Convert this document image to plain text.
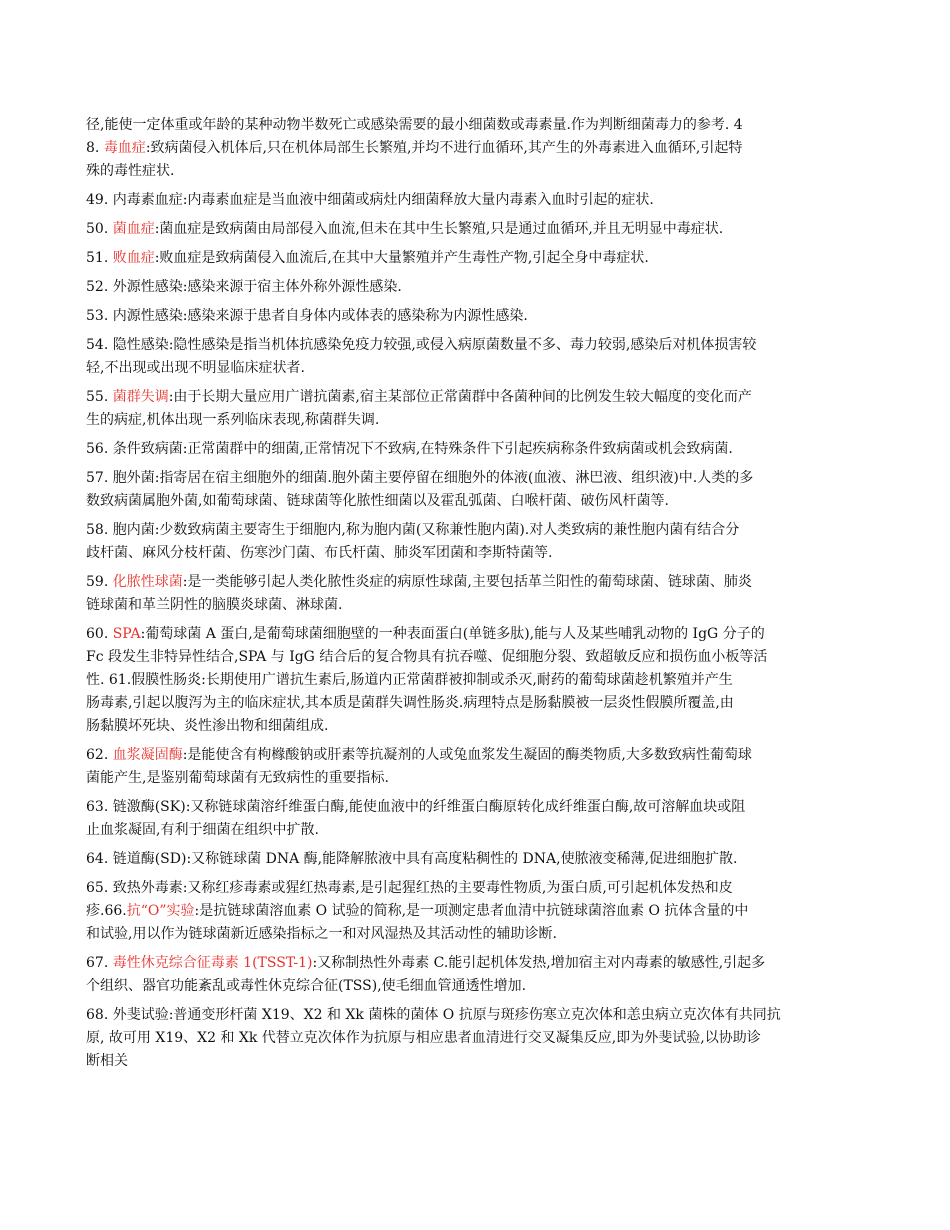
径,能使一定体重或年龄的某种动物半数死亡或感染需要的最小细菌数或毒素量.作为判断细菌毒力的参考. 4
8. 毒血症:致病菌侵入机体后,只在机体局部生长繁殖,并均不进行血循环,其产生的外毒素进入血循环,引起特
殊的毒性症状.
49. 内毒素血症:内毒素血症是当血液中细菌或病灶内细菌释放大量内毒素入血时引起的症状.
50. 菌血症:菌血症是致病菌由局部侵入血流,但未在其中生长繁殖,只是通过血循环,并且无明显中毒症状.
51. 败血症:败血症是致病菌侵入血流后,在其中大量繁殖并产生毒性产物,引起全身中毒症状.
52. 外源性感染:感染来源于宿主体外称外源性感染.
53. 内源性感染:感染来源于患者自身体内或体表的感染称为内源性感染.
54. 隐性感染:隐性感染是指当机体抗感染免疫力较强,或侵入病原菌数量不多、毒力较弱,感染后对机体损害较
轻,不出现或出现不明显临床症状者.
55. 菌群失调:由于长期大量应用广谱抗菌素,宿主某部位正常菌群中各菌种间的比例发生较大幅度的变化而产
生的病症,机体出现一系列临床表现,称菌群失调.
56. 条件致病菌:正常菌群中的细菌,正常情况下不致病,在特殊条件下引起疾病称条件致病菌或机会致病菌.
57. 胞外菌:指寄居在宿主细胞外的细菌.胞外菌主要停留在细胞外的体液(血液、淋巴液、组织液)中.人类的多
数致病菌属胞外菌,如葡萄球菌、链球菌等化脓性细菌以及霍乱弧菌、白喉杆菌、破伤风杆菌等.
58. 胞内菌:少数致病菌主要寄生于细胞内,称为胞内菌(又称兼性胞内菌).对人类致病的兼性胞内菌有结合分
歧杆菌、麻风分枝杆菌、伤寒沙门菌、布氏杆菌、肺炎军团菌和李斯特菌等.
59. 化脓性球菌:是一类能够引起人类化脓性炎症的病原性球菌,主要包括革兰阳性的葡萄球菌、链球菌、肺炎
链球菌和革兰阴性的脑膜炎球菌、淋球菌.
60. SPA:葡萄球菌 A 蛋白,是葡萄球菌细胞壁的一种表面蛋白(单链多肽),能与人及某些哺乳动物的 IgG 分子的
Fc 段发生非特异性结合,SPA 与 IgG 结合后的复合物具有抗吞噬、促细胞分裂、致超敏反应和损伤血小板等活
性. 61.假膜性肠炎:长期使用广谱抗生素后,肠道内正常菌群被抑制或杀灭,耐药的葡萄球菌趁机繁殖并产生
肠毒素,引起以腹泻为主的临床症状,其本质是菌群失调性肠炎.病理特点是肠黏膜被一层炎性假膜所覆盖,由
肠黏膜坏死块、炎性渗出物和细菌组成.
62. 血浆凝固酶:是能使含有枸橼酸钠或肝素等抗凝剂的人或兔血浆发生凝固的酶类物质,大多数致病性葡萄球
菌能产生,是鉴别葡萄球菌有无致病性的重要指标.
63. 链激酶(SK):又称链球菌溶纤维蛋白酶,能使血液中的纤维蛋白酶原转化成纤维蛋白酶,故可溶解血块或阻
止血浆凝固,有利于细菌在组织中扩散.
64. 链道酶(SD):又称链球菌 DNA 酶,能降解脓液中具有高度粘稠性的 DNA,使脓液变稀薄,促进细胞扩散.
65. 致热外毒素:又称红疹毒素或猩红热毒素,是引起猩红热的主要毒性物质,为蛋白质,可引起机体发热和皮
疹.66.抗“O”实验:是抗链球菌溶血素 O 试验的简称,是一项测定患者血清中抗链球菌溶血素 O 抗体含量的中
和试验,用以作为链球菌新近感染指标之一和对风湿热及其活动性的辅助诊断.
67. 毒性休克综合征毒素 1(TSST-1):又称制热性外毒素 C.能引起机体发热,增加宿主对内毒素的敏感性,引起多
个组织、器官功能紊乱或毒性休克综合征(TSS),使毛细血管通透性增加.
68. 外斐试验:普通变形杆菌 X19、X2 和 Xk 菌株的菌体 O 抗原与斑疹伤寒立克次体和恙虫病立克次体有共同抗
原, 故可用 X19、X2 和 Xk 代替立克次体作为抗原与相应患者血清进行交叉凝集反应,即为外斐试验,以协助诊
断相关
